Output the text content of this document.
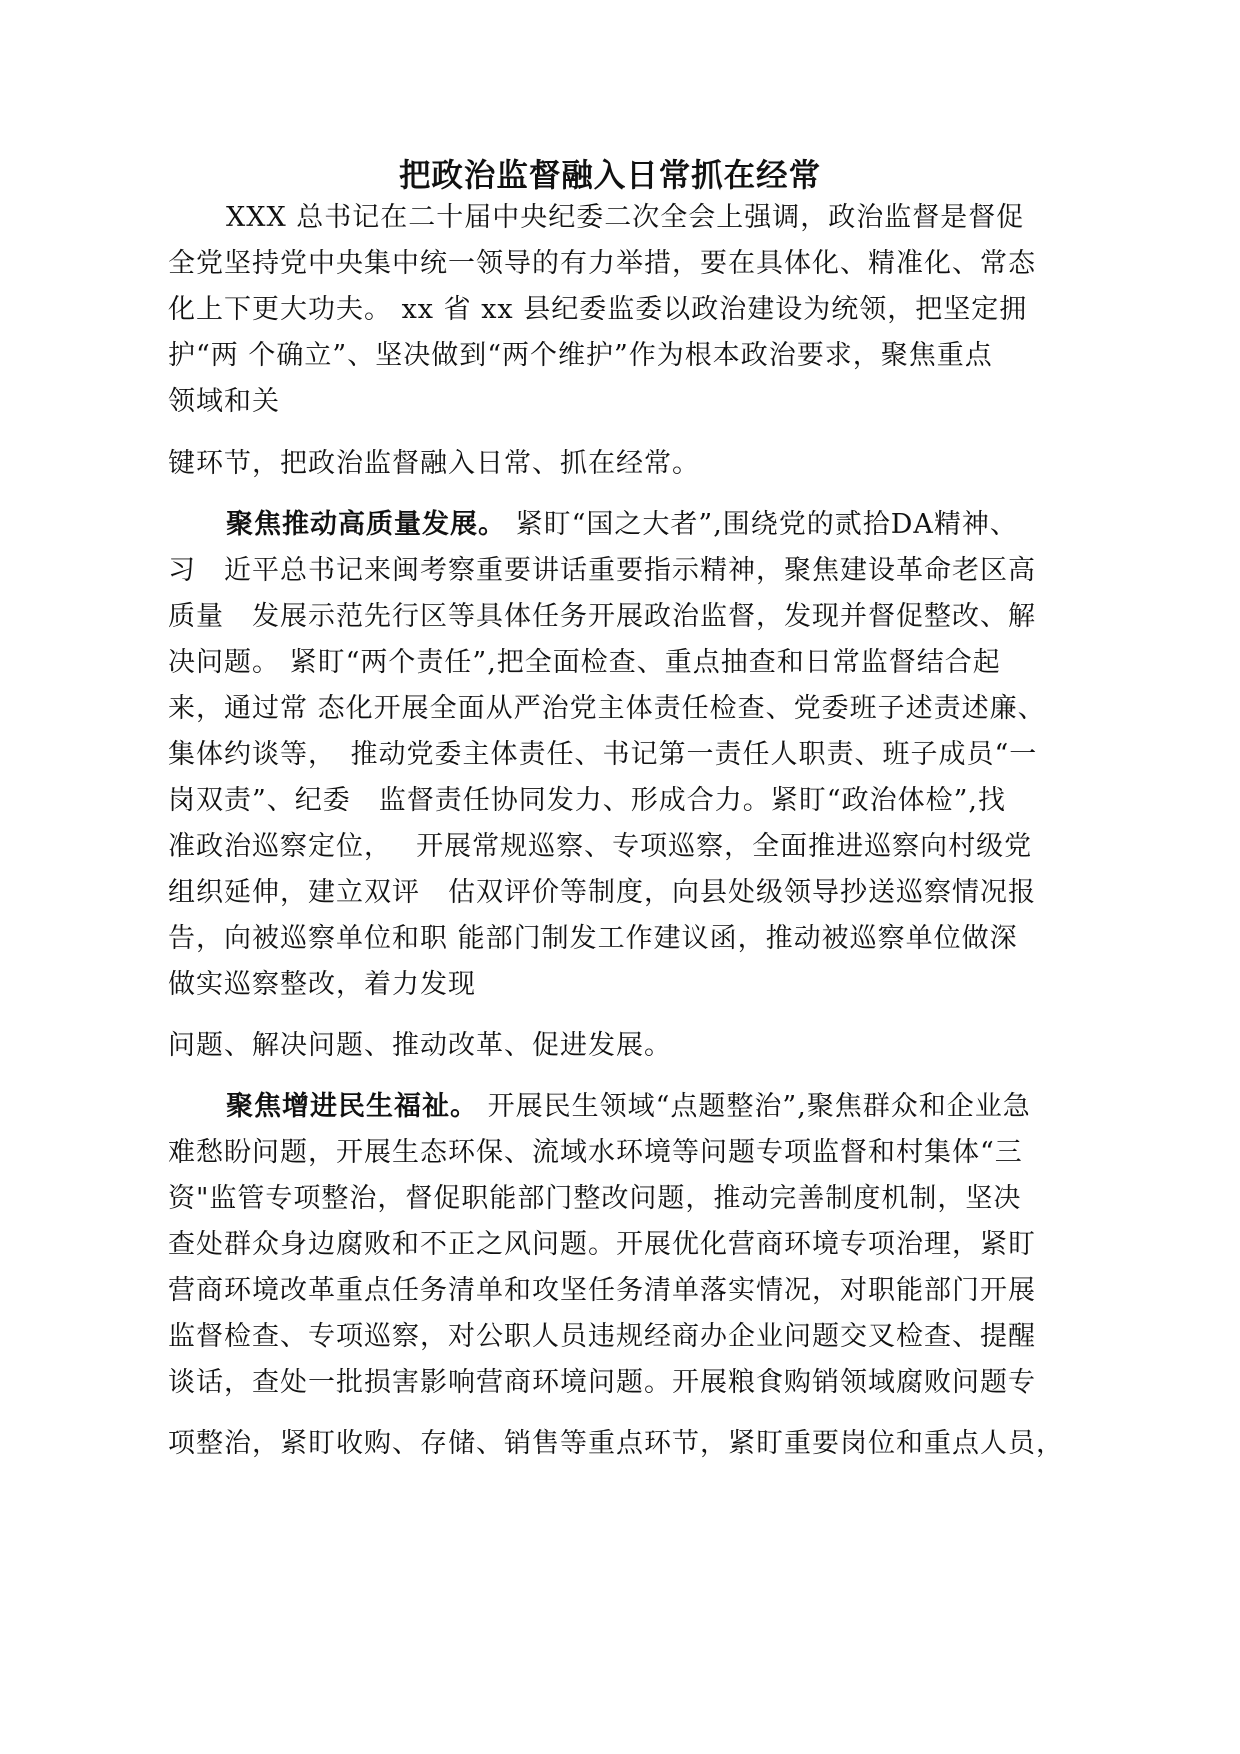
把政治监督融入日常抓在经常
XXX 总书记在二十届中央纪委二次全会上强调，政治监督是督促
全党坚持党中央集中统一领导的有力举措，要在具体化、精准化、常态
化上下更大功夫。 xx 省 xx 县纪委监委以政治建设为统领，把坚定拥
护“两 个确立”、坚决做到“两个维护”作为根本政治要求，聚焦重点
领域和关
键环节，把政治监督融入日常、抓在经常。
聚焦推动高质量发展。 紧盯“国之大者”,围绕党的贰拾DA精神、
习　近平总书记来闽考察重要讲话重要指示精神，聚焦建设革命老区高
质量　发展示范先行区等具体任务开展政治监督，发现并督促整改、解
决问题。 紧盯“两个责任”,把全面检查、重点抽查和日常监督结合起
来，通过常 态化开展全面从严治党主体责任检查、党委班子述责述廉、
集体约谈等，　推动党委主体责任、书记第一责任人职责、班子成员“一
岗双责”、纪委　监督责任协同发力、形成合力。紧盯“政治体检”,找
准政治巡察定位，　 开展常规巡察、专项巡察，全面推进巡察向村级党
组织延伸，建立双评　估双评价等制度，向县处级领导抄送巡察情况报
告，向被巡察单位和职 能部门制发工作建议函，推动被巡察单位做深
做实巡察整改，着力发现
问题、解决问题、推动改革、促进发展。
聚焦增进民生福祉。 开展民生领域“点题整治”,聚焦群众和企业急
难愁盼问题，开展生态环保、流域水环境等问题专项监督和村集体“三
资"监管专项整治，督促职能部门整改问题，推动完善制度机制，坚决
查处群众身边腐败和不正之风问题。开展优化营商环境专项治理，紧盯
营商环境改革重点任务清单和攻坚任务清单落实情况，对职能部门开展
监督检查、专项巡察，对公职人员违规经商办企业问题交叉检查、提醒
谈话，查处一批损害影响营商环境问题。开展粮食购销领域腐败问题专
项整治，紧盯收购、存储、销售等重点环节，紧盯重要岗位和重点人员，
